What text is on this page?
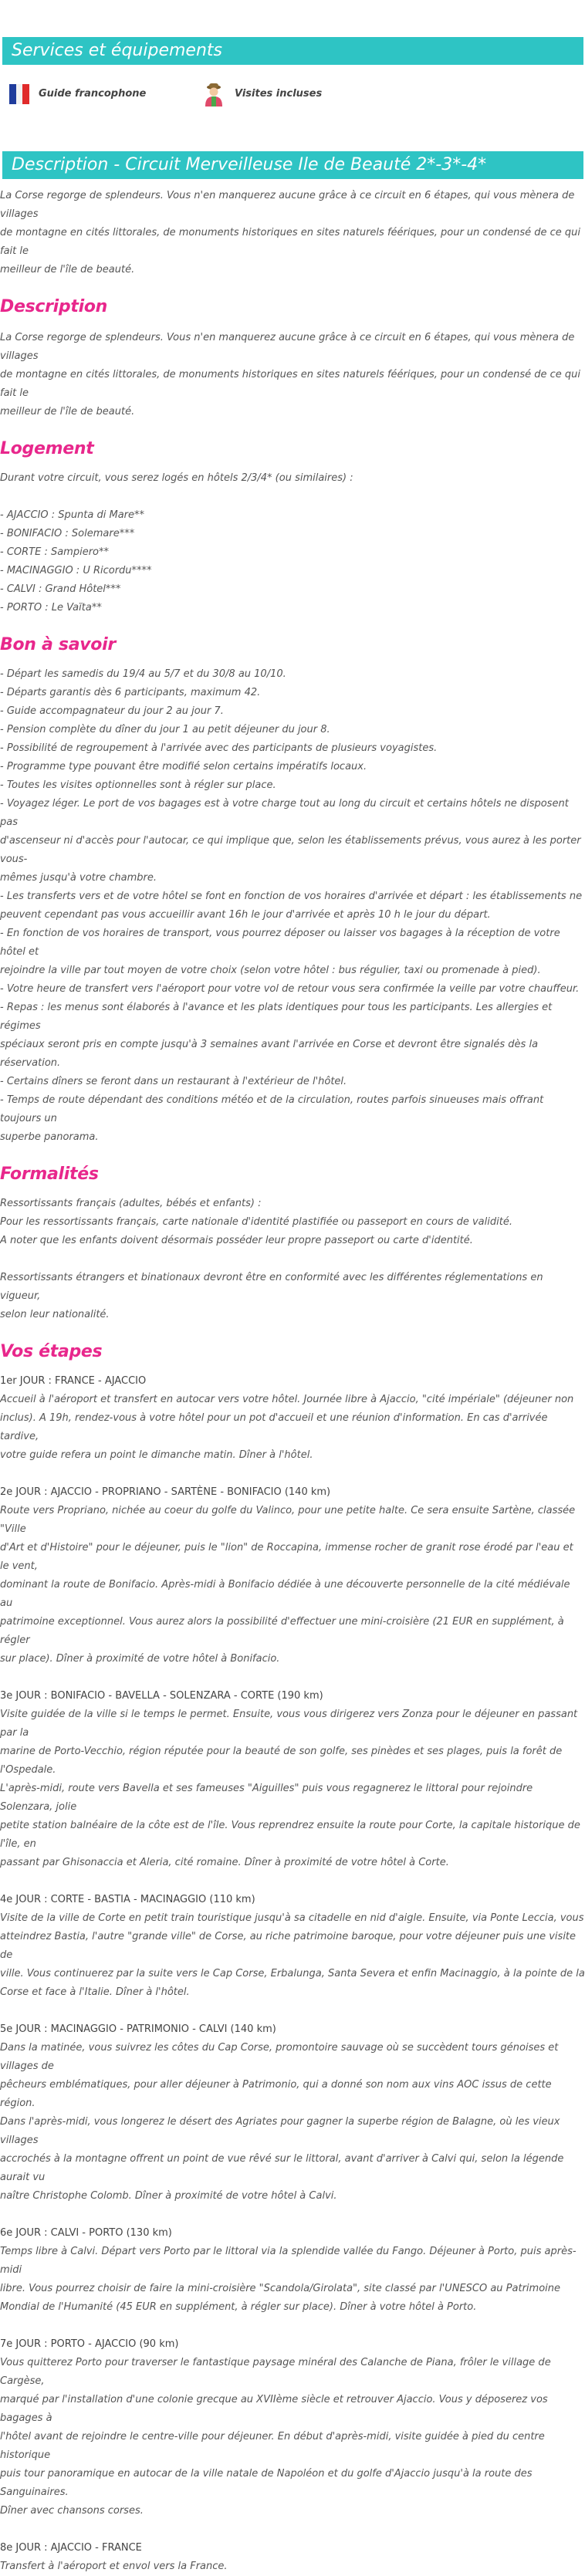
Services et équipements
Guide francophone	Visites incluses
Description - Circuit Merveilleuse Ile de Beauté 2*-3*-4*

La Corse regorge de splendeurs. Vous n'en manquerez aucune grâce à ce circuit en 6 étapes, qui vous mènera de villages
de montagne en cités littorales, de monuments historiques en sites naturels féériques, pour un condensé de ce qui fait le
meilleur de l'île de beauté.

Description

La Corse regorge de splendeurs. Vous n'en manquerez aucune grâce à ce circuit en 6 étapes, qui vous mènera de villages
de montagne en cités littorales, de monuments historiques en sites naturels féériques, pour un condensé de ce qui fait le
meilleur de l'île de beauté.

Logement

Durant votre circuit, vous serez logés en hôtels 2/3/4* (ou similaires) :

- AJACCIO : Spunta di Mare**
- BONIFACIO : Solemare***
- CORTE : Sampiero**
- MACINAGGIO : U Ricordu****
- CALVI : Grand Hôtel***
- PORTO : Le Vaïta**

Bon à savoir

- Départ les samedis du 19/4 au 5/7 et du 30/8 au 10/10.
- Départs garantis dès 6 participants, maximum 42.
- Guide accompagnateur du jour 2 au jour 7.
- Pension complète du dîner du jour 1 au petit déjeuner du jour 8.
- Possibilité de regroupement à l'arrivée avec des participants de plusieurs voyagistes.
- Programme type pouvant être modifié selon certains impératifs locaux.
- Toutes les visites optionnelles sont à régler sur place.
- Voyagez léger. Le port de vos bagages est à votre charge tout au long du circuit et certains hôtels ne disposent pas
d'ascenseur ni d'accès pour l'autocar, ce qui implique que, selon les établissements prévus, vous aurez à les porter vous-
mêmes jusqu'à votre chambre.
- Les transferts vers et de votre hôtel se font en fonction de vos horaires d'arrivée et départ : les établissements ne
peuvent cependant pas vous accueillir avant 16h le jour d'arrivée et après 10 h le jour du départ.
- En fonction de vos horaires de transport, vous pourrez déposer ou laisser vos bagages à la réception de votre hôtel et
rejoindre la ville par tout moyen de votre choix (selon votre hôtel : bus régulier, taxi ou promenade à pied).
- Votre heure de transfert vers l'aéroport pour votre vol de retour vous sera confirmée la veille par votre chauffeur.
- Repas : les menus sont élaborés à l'avance et les plats identiques pour tous les participants. Les allergies et régimes
spéciaux seront pris en compte jusqu'à 3 semaines avant l'arrivée en Corse et devront être signalés dès la réservation.
- Certains dîners se feront dans un restaurant à l'extérieur de l'hôtel.
- Temps de route dépendant des conditions météo et de la circulation, routes parfois sinueuses mais offrant toujours un
superbe panorama.

Formalités

Ressortissants français (adultes, bébés et enfants) :
Pour les ressortissants français, carte nationale d'identité plastifiée ou passeport en cours de validité.
A noter que les enfants doivent désormais posséder leur propre passeport ou carte d'identité.

Ressortissants étrangers et binationaux devront être en conformité avec les différentes réglementations en vigueur,
selon leur nationalité.

Vos étapes
1er JOUR : FRANCE - AJACCIO

Accueil à l'aéroport et transfert en autocar vers votre hôtel. Journée libre à Ajaccio, "cité impériale" (déjeuner non
inclus). A 19h, rendez-vous à votre hôtel pour un pot d'accueil et une réunion d'information. En cas d'arrivée tardive,
votre guide refera un point le dimanche matin. Dîner à l'hôtel.

2e JOUR : AJACCIO - PROPRIANO - SARTÈNE - BONIFACIO (140 km)

Route vers Propriano, nichée au coeur du golfe du Valinco, pour une petite halte. Ce sera ensuite Sartène, classée "Ville
d'Art et d'Histoire" pour le déjeuner, puis le "lion" de Roccapina, immense rocher de granit rose érodé par l'eau et le vent,
dominant la route de Bonifacio. Après-midi à Bonifacio dédiée à une découverte personnelle de la cité médiévale au
patrimoine exceptionnel. Vous aurez alors la possibilité d'effectuer une mini-croisière (21 EUR en supplément, à régler
sur place). Dîner à proximité de votre hôtel à Bonifacio.

3e JOUR : BONIFACIO - BAVELLA - SOLENZARA - CORTE (190 km)

Visite guidée de la ville si le temps le permet. Ensuite, vous vous dirigerez vers Zonza pour le déjeuner en passant par la
marine de Porto-Vecchio, région réputée pour la beauté de son golfe, ses pinèdes et ses plages, puis la forêt de l'Ospedale.
L'après-midi, route vers Bavella et ses fameuses "Aiguilles" puis vous regagnerez le littoral pour rejoindre Solenzara, jolie
petite station balnéaire de la côte est de l'île. Vous reprendrez ensuite la route pour Corte, la capitale historique de l'île, en
passant par Ghisonaccia et Aleria, cité romaine. Dîner à proximité de votre hôtel à Corte.

4e JOUR : CORTE - BASTIA - MACINAGGIO (110 km)

Visite de la ville de Corte en petit train touristique jusqu'à sa citadelle en nid d'aigle. Ensuite, via Ponte Leccia, vous
atteindrez Bastia, l'autre "grande ville" de Corse, au riche patrimoine baroque, pour votre déjeuner puis une visite de
ville. Vous continuerez par la suite vers le Cap Corse, Erbalunga, Santa Severa et enfin Macinaggio, à la pointe de la
Corse et face à l'Italie. Dîner à l'hôtel.

5e JOUR : MACINAGGIO - PATRIMONIO - CALVI (140 km)

Dans la matinée, vous suivrez les côtes du Cap Corse, promontoire sauvage où se succèdent tours génoises et villages de
pêcheurs emblématiques, pour aller déjeuner à Patrimonio, qui a donné son nom aux vins AOC issus de cette région.
Dans l'après-midi, vous longerez le désert des Agriates pour gagner la superbe région de Balagne, où les vieux villages
accrochés à la montagne offrent un point de vue rêvé sur le littoral, avant d'arriver à Calvi qui, selon la légende aurait vu
naître Christophe Colomb. Dîner à proximité de votre hôtel à Calvi.

6e JOUR : CALVI - PORTO (130 km)

Temps libre à Calvi. Départ vers Porto par le littoral via la splendide vallée du Fango. Déjeuner à Porto, puis après-midi
libre. Vous pourrez choisir de faire la mini-croisière "Scandola/Girolata", site classé par l'UNESCO au Patrimoine
Mondial de l'Humanité (45 EUR en supplément, à régler sur place). Dîner à votre hôtel à Porto.

7e JOUR : PORTO - AJACCIO (90 km)

Vous quitterez Porto pour traverser le fantastique paysage minéral des Calanche de Piana, frôler le village de Cargèse,
marqué par l'installation d'une colonie grecque au XVIIème siècle et retrouver Ajaccio. Vous y déposerez vos bagages à
l'hôtel avant de rejoindre le centre-ville pour déjeuner. En début d'après-midi, visite guidée à pied du centre historique
puis tour panoramique en autocar de la ville natale de Napoléon et du golfe d'Ajaccio jusqu'à la route des Sanguinaires.
Dîner avec chansons corses.

8e JOUR : AJACCIO - FRANCE

Transfert à l'aéroport et envol vers la France.
